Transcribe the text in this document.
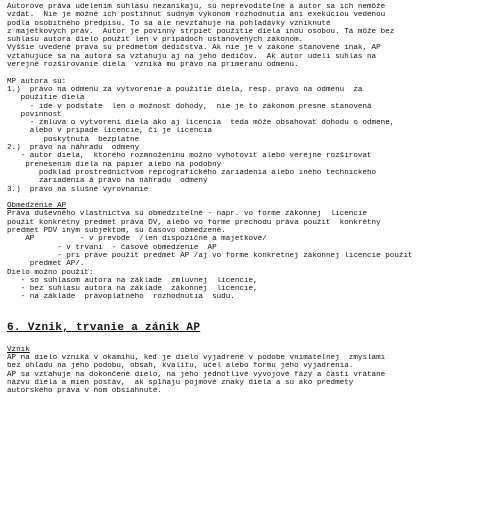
Autorove práva udelením súhlasu nezanikajú, sú neprevoditeľné a autor sa ich nemôže
vzdať.  Nie je možné ich postihnúť súdnym výkonom rozhodnutia ani exekúciou vedenou
podľa osobitného predpisu. To sa ale nevzťahuje na pohľadávky vzniknuté
z majetkových práv.  Autor je povinný strpieť použitie diela inou osobou. Tá môže bez
súhlasu autora dielo použiť len v prípadoch ustanovených zákonom.
Vyššie uvedené práva sú predmetom dedičstva. Ak nie je v zákone stanovené inak, AP
vzťahujúce sa na autora sa vzťahujú aj na jeho dedičov.  Ak autor udelí súhlas na
verejné rozširovanie diela  vzniká mu právo na primeranú odmenu.
MP autora sú:
1.)  právo na odmenu za vytvorenie a použitie diela, resp. právo na odmenu  za
použitie diela
- ide v podstate  len o možnosť dohody,  nie je to zákonom presne stanovená
povinnosť
- zmluva o vytvorení diela ako aj licencia  teda môže obsahovať dohodu o odmene,
alebo v prípade licencie, či je licencia
poskytnutá  bezplatne
2.)  právo na náhradu  odmeny
- autor diela,  ktorého rozmnoženinu možno vyhotoviť alebo verejne rozširovať
prenesením diela na papier alebo na podobný
podklad prostredníctvom reprografického zariadenia alebo iného technického
zariadenia á právo na náhradu  odmeny
3.)  právo na slušné vyrovnanie
Obmedzenie AP
Práva duševného vlastníctva sú obmedziteľné - napr. vo forme zákonnej  licencie
použiť konkrétny predmet práva DV, alebo vo forme prechodu práva použiť  konkrétny
predmet PDV iným subjektom, sú časovo obmedzené.
AP          - v prevode  /len dispozičné a majetkové/
- v trvaní  - časové obmedzenie  AP
- pri práve použiť predmet AP /aj vo forme konkrétnej zákonnej licencie použiť
predmet AP/.
Dielo možno použiť:
- so súhlasom autora na základe  zmluvnej  licencie,
- bez súhlasu autora na základe  zákonnej  licencie,
- na základe  právoplatného  rozhodnutia  súdu.
6. Vznik, trvanie a zánik AP
Vznik
AP na dielo vzniká v okamihu, keď je dielo vyjadrené v podobe vnímateľnej  zmyslami
bez ohľadu na jeho podobu, obsah, kvalitu, účel alebo formu jeho vyjadrenia.
AP sa vzťahuje na dokončené dielo, na jeho jednotlivé vývojové fázy a časti vrátane
názvu diela a mien postáv,  ak spĺňajú pojmové znaky diela a sú ako predmety
autorského práva v ňom obsiahnuté.
